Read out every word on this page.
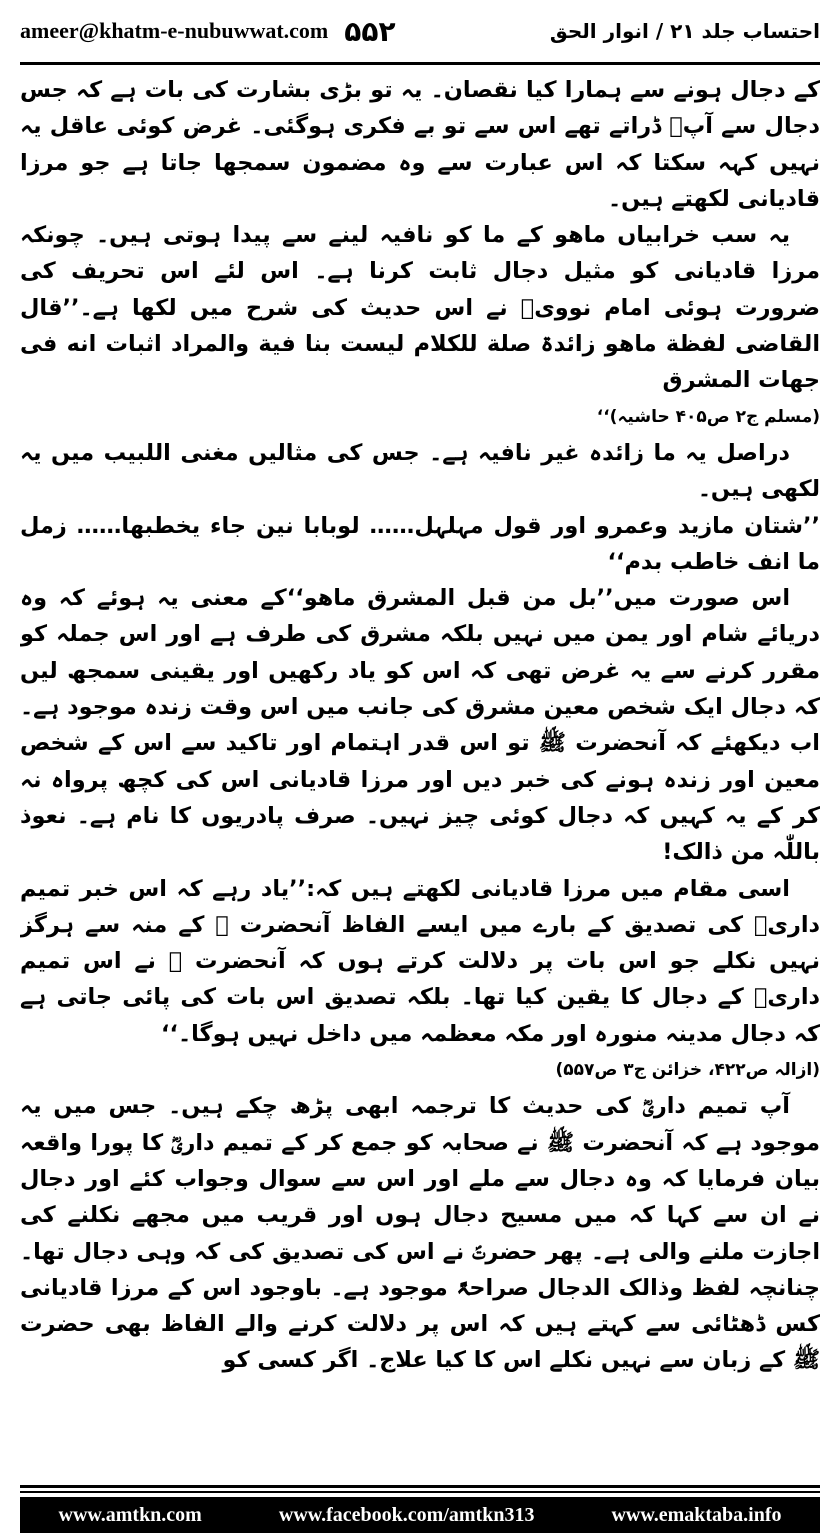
ameer@khatm-e-nubuwwat.com ۵۵۲	احتساب جلد ۲۱ / انوار الحق

کے دجال ہونے سے ہمارا کیا نقصان۔ یہ تو بڑی بشارت کی بات ہے کہ جس دجال سے آپؐ ڈراتے تھے اس سے تو بے فکری ہوگئی۔ غرض کوئی عاقل یہ نہیں کہہ سکتا کہ اس عبارت سے وہ مضمون سمجھا جاتا ہے جو مرزا قادیانی لکھتے ہیں۔

یہ سب خرابیاں ماھو کے ما کو نافیہ لینے سے پیدا ہوتی ہیں۔ چونکہ مرزا قادیانی کو مثیل دجال ثابت کرنا ہے۔ اس لئے اس تحریف کی ضرورت ہوئی امام نوویؒ نے اس حدیث کی شرح میں لکھا ہے۔’’قال القاضی لفظة ماھو زائدۃ صلة للکلام لیست بنا فیة والمراد اثبات انه فی جھات المشرق

(مسلم ج۲ ص۴۰۵ حاشیہ)‘‘

دراصل یہ ما زائدہ غیر نافیہ ہے۔ جس کی مثالیں مغنی اللبیب میں یہ لکھی ہیں۔

’’شتان مازید وعمرو اور قول مہلہل…… لوبابا نین جاء یخطبھا…… زمل ما انف خاطب بدم‘‘

اس صورت میں’’بل من قبل المشرق ماھو‘‘کے معنی یہ ہوئے کہ وہ دریائے شام اور یمن میں نہیں بلکہ مشرق کی طرف ہے اور اس جملہ کو مقرر کرنے سے یہ غرض تھی کہ اس کو یاد رکھیں اور یقینی سمجھ لیں کہ دجال ایک شخص معین مشرق کی جانب میں اس وقت زندہ موجود ہے۔ اب دیکھئے کہ آنحضرت ﷺ تو اس قدر اہتمام اور تاکید سے اس کے شخص معین اور زندہ ہونے کی خبر دیں اور مرزا قادیانی اس کی کچھ پرواہ نہ کر کے یہ کہیں کہ دجال کوئی چیز نہیں۔ صرف پادریوں کا نام ہے۔ نعوذ باللّٰہ من ذالک!

اسی مقام میں مرزا قادیانی لکھتے ہیں کہ:’’یاد رہے کہ اس خبر تمیم داریؓ کی تصدیق کے بارے میں ایسے الفاظ آنحضرت ﷺ کے منہ سے ہرگز نہیں نکلے جو اس بات پر دلالت کرتے ہوں کہ آنحضرت ﷺ نے اس تمیم داریؓ کے دجال کا یقین کیا تھا۔ بلکہ تصدیق اس بات کی پائی جاتی ہے کہ دجال مدینہ منورہ اور مکہ معظمہ میں داخل نہیں ہوگا۔‘‘

(ازالہ ص۴۲۲، خزائن ج۳ ص۵۵۷)

آپ تمیم داریؓ کی حدیث کا ترجمہ ابھی پڑھ چکے ہیں۔ جس میں یہ موجود ہے کہ آنحضرت ﷺ نے صحابہ کو جمع کر کے تمیم داریؓ کا پورا واقعہ بیان فرمایا کہ وہ دجال سے ملے اور اس سے سوال وجواب کئے اور دجال نے ان سے کہا کہ میں مسیح دجال ہوں اور قریب میں مجھے نکلنے کی اجازت ملنے والی ہے۔ پھر حضرتؐ نے اس کی تصدیق کی کہ وہی دجال تھا۔ چنانچہ لفظ وذالک الدجال صراحۃً موجود ہے۔ باوجود اس کے مرزا قادیانی کس ڈھٹائی سے کہتے ہیں کہ اس پر دلالت کرنے والے الفاظ بھی حضرت ﷺ کے زبان سے نہیں نکلے اس کا کیا علاج۔ اگر کسی کو

www.amtkn.com	www.facebook.com/amtkn313	www.emaktaba.info
